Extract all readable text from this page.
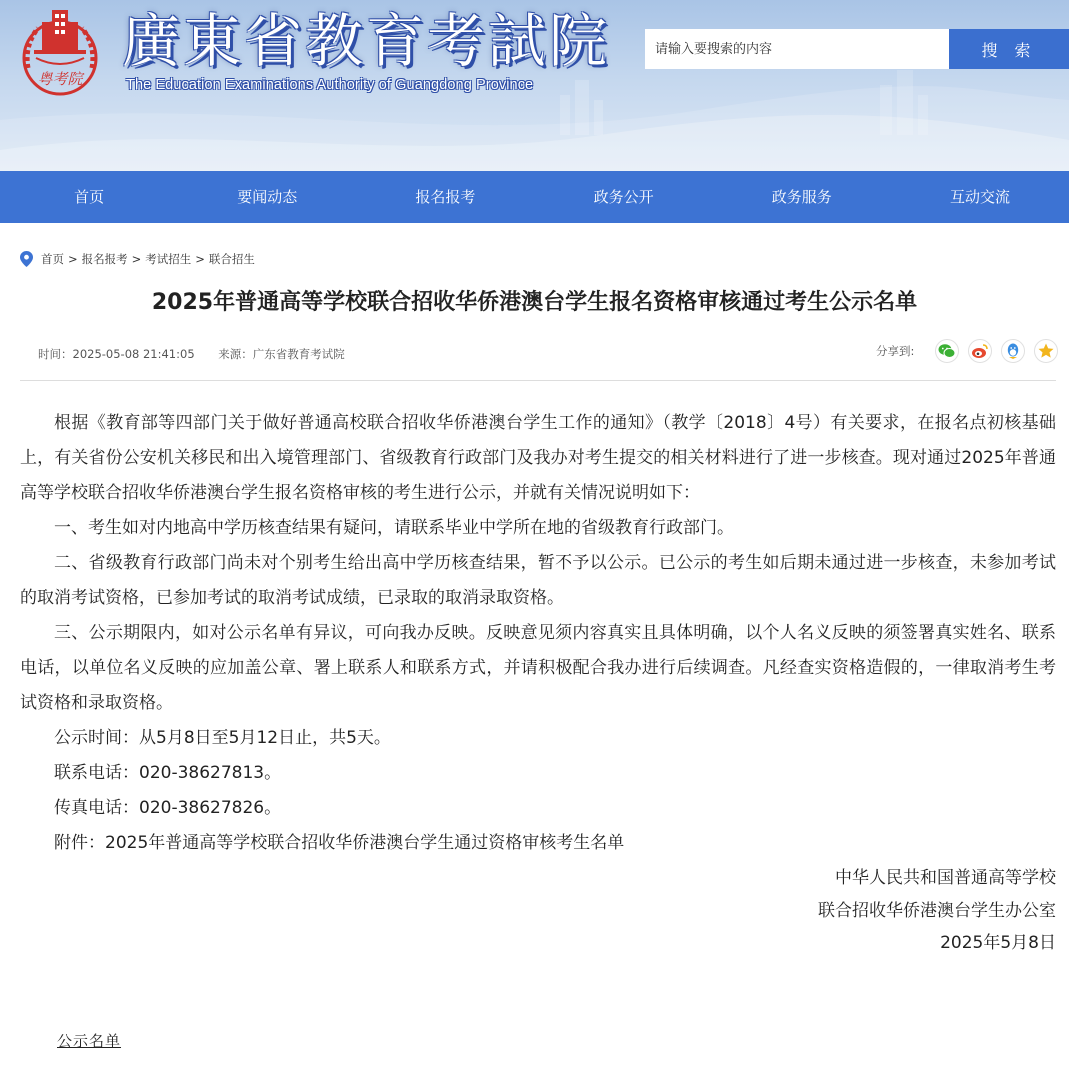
粤考院
廣東省教育考試院
The Education Examinations Authority of Guangdong Province
请输入要搜索的内容
搜 索
首页	要闻动态	报名报考	政务公开	政务服务	互动交流
首页 > 报名报考 > 考试招生 > 联合招生
2025年普通高等学校联合招收华侨港澳台学生报名资格审核通过考生公示名单
时间：2025-05-08 21:41:05 来源：广东省教育考试院	分享到:

根据《教育部等四部门关于做好普通高校联合招收华侨港澳台学生工作的通知》（教学〔2018〕4号）有关要求，在报名点初核基础上，有关省份公安机关移民和出入境管理部门、省级教育行政部门及我办对考生提交的相关材料进行了进一步核查。现对通过2025年普通高等学校联合招收华侨港澳台学生报名资格审核的考生进行公示，并就有关情况说明如下：

一、考生如对内地高中学历核查结果有疑问，请联系毕业中学所在地的省级教育行政部门。

二、省级教育行政部门尚未对个别考生给出高中学历核查结果，暂不予以公示。已公示的考生如后期未通过进一步核查，未参加考试的取消考试资格，已参加考试的取消考试成绩，已录取的取消录取资格。

三、公示期限内，如对公示名单有异议，可向我办反映。反映意见须内容真实且具体明确，以个人名义反映的须签署真实姓名、联系电话，以单位名义反映的应加盖公章、署上联系人和联系方式，并请积极配合我办进行后续调查。凡经查实资格造假的，一律取消考生考试资格和录取资格。

公示时间：从5月8日至5月12日止，共5天。

联系电话：020-38627813。

传真电话：020-38627826。

附件：2025年普通高等学校联合招收华侨港澳台学生通过资格审核考生名单

中华人民共和国普通高等学校
联合招收华侨港澳台学生办公室
2025年5月8日
公示名单
